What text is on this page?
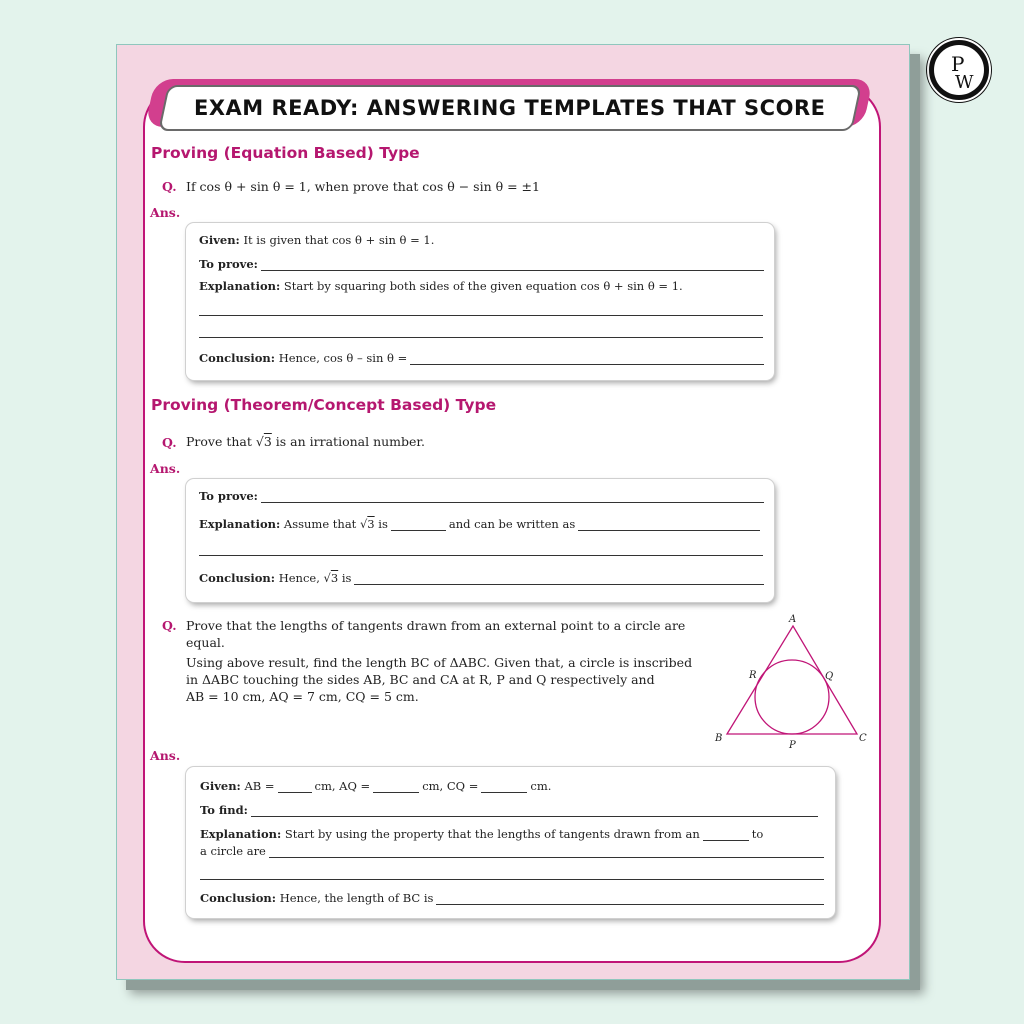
P
W
EXAM READY: ANSWERING TEMPLATES THAT SCORE
Proving (Equation Based) Type
Q. If cos θ + sin θ = 1, when prove that cos θ − sin θ = ±1
Ans.
Given:
It is given that cos θ + sin θ = 1.
To prove:
Explanation:
Start by squaring both sides of the given equation cos θ + sin θ = 1.
Conclusion:
Hence, cos θ – sin θ =
Proving (Theorem/Concept Based) Type
Q. Prove that √3 is an irrational number.
Ans.
To prove:
Explanation:
Assume that
√3
is	and can be written as
Conclusion:
Hence,
√3
is
Q. Prove that the lengths of tangents drawn from an external point to a circle are
equal.
Using above result, find the length BC of ΔABC. Given that, a circle is inscribed
in ΔABC touching the sides AB, BC and CA at R, P and Q respectively and
AB = 10 cm, AQ = 7 cm, CQ = 5 cm.
A
B	C
P
Q
R
Ans.
Given:
AB =	cm, AQ =	cm, CQ =	cm.
To find:
Explanation:
Start by using the property that the lengths of tangents drawn from an	to
a circle are
Conclusion:
Hence, the length of BC is
